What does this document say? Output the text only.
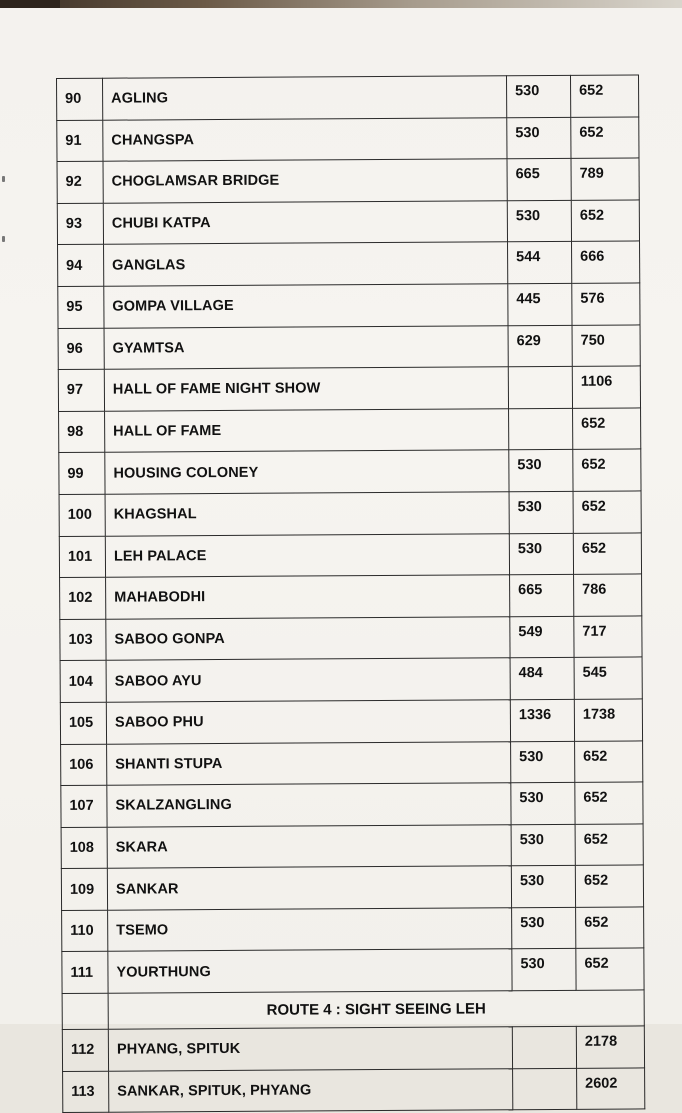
90	AGLING	530	652
91	CHANGSPA	530	652
92	CHOGLAMSAR BRIDGE	665	789
93	CHUBI KATPA	530	652
94	GANGLAS	544	666
95	GOMPA VILLAGE	445	576
96	GYAMTSA	629	750
97	HALL OF FAME NIGHT SHOW		1106
98	HALL OF FAME		652
99	HOUSING COLONEY	530	652
100	KHAGSHAL	530	652
101	LEH PALACE	530	652
102	MAHABODHI	665	786
103	SABOO GONPA	549	717
104	SABOO AYU	484	545
105	SABOO PHU	1336	1738
106	SHANTI STUPA	530	652
107	SKALZANGLING	530	652
108	SKARA	530	652
109	SANKAR	530	652
110	TSEMO	530	652
111	YOURTHUNG	530	652
	ROUTE 4 : SIGHT SEEING LEH		
112	PHYANG, SPITUK		2178
113	SANKAR, SPITUK, PHYANG		2602
